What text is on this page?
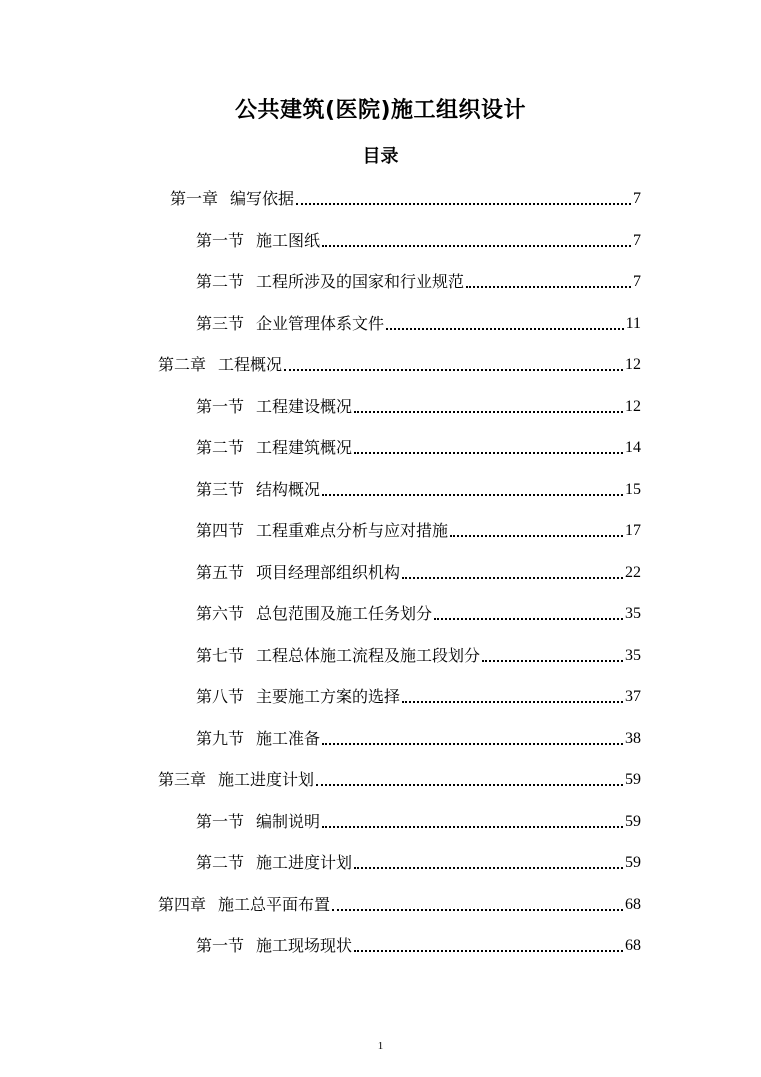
公共建筑(医院)施工组织设计
目录
第一章 编写依据	7
第一节 施工图纸	7
第二节 工程所涉及的国家和行业规范	7
第三节 企业管理体系文件	11
第二章 工程概况	12
第一节 工程建设概况	12
第二节 工程建筑概况	14
第三节 结构概况	15
第四节 工程重难点分析与应对措施	17
第五节 项目经理部组织机构	22
第六节 总包范围及施工任务划分	35
第七节 工程总体施工流程及施工段划分	35
第八节 主要施工方案的选择	37
第九节 施工准备	38
第三章 施工进度计划	59
第一节 编制说明	59
第二节 施工进度计划	59
第四章 施工总平面布置	68
第一节 施工现场现状	68
1
